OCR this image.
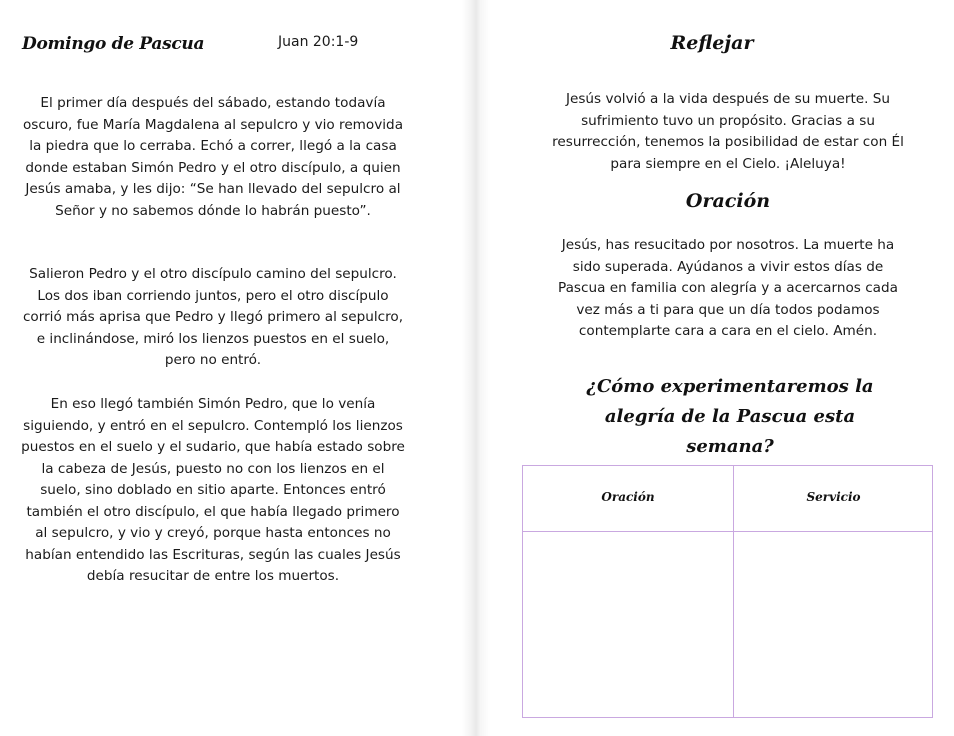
Domingo de Pascua	Juan 20:1-9

El primer día después del sábado, estando todavía oscuro, fue María Magdalena al sepulcro y vio removida la piedra que lo cerraba. Echó a correr, llegó a la casa donde estaban Simón Pedro y el otro discípulo, a quien Jesús amaba, y les dijo: “Se han llevado del sepulcro al Señor y no sabemos dónde lo habrán puesto”.

Salieron Pedro y el otro discípulo camino del sepulcro. Los dos iban corriendo juntos, pero el otro discípulo corrió más aprisa que Pedro y llegó primero al sepulcro, e inclinándose, miró los lienzos puestos en el suelo, pero no entró.

En eso llegó también Simón Pedro, que lo venía siguiendo, y entró en el sepulcro. Contempló los lienzos puestos en el suelo y el sudario, que había estado sobre la cabeza de Jesús, puesto no con los lienzos en el suelo, sino doblado en sitio aparte. Entonces entró también el otro discípulo, el que había llegado primero al sepulcro, y vio y creyó, porque hasta entonces no habían entendido las Escrituras, según las cuales Jesús debía resucitar de entre los muertos.

Reflejar

Jesús volvió a la vida después de su muerte. Su sufrimiento tuvo un propósito. Gracias a su resurrección, tenemos la posibilidad de estar con Él para siempre en el Cielo. ¡Aleluya!

Oración

Jesús, has resucitado por nosotros. La muerte ha sido superada. Ayúdanos a vivir estos días de Pascua en familia con alegría y a acercarnos cada vez más a ti para que un día todos podamos contemplarte cara a cara en el cielo. Amén.

¿Cómo experimentaremos la alegría de la Pascua esta semana?

Oración	Servicio
